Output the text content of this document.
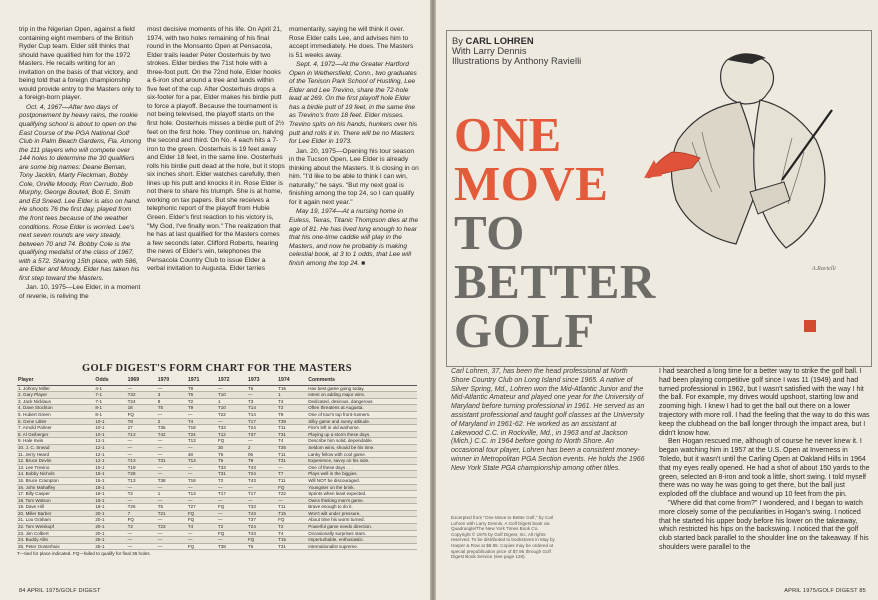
trip in the Nigerian Open, against a field containing eight members of the British Ryder Cup team. Elder still thinks that should have qualified him for the 1972 Masters. He recalls writing for an invitation on the basis of that victory, and being told that a foreign championship would provide entry to the Masters only to a foreign-born player.

Oct. 4, 1967—After two days of postponement by heavy rains, the rookie qualifying school is about to open on the East Course of the PGA National Golf Club in Palm Beach Gardens, Fla. Among the 111 players who will compete over 144 holes to determine the 30 qualifiers are some big names: Deane Beman, Tony Jacklin, Marty Fleckman, Bobby Cole, Orville Moody, Ron Cerrudo, Bob Murphy, George Boutell, Bob E. Smith and Ed Sneed. Lee Elder is also on hand. He shoots 76 the first day, played from the front tees because of the weather conditions. Rose Elder is worried. Lee's next seven rounds are very steady, between 70 and 74. Bobby Cole is the qualifying medalist of the class of 1967, with a 572. Sharing 15th place, with 586, are Elder and Moody. Elder has taken his first step toward the Masters.

Jan. 10, 1975—Lee Elder, in a moment of reverie, is reliving the

most decisive moments of his life. On April 21, 1974, with two holes remaining of his final round in the Monsanto Open at Pensacola, Elder trails leader Peter Oosterhuis by two strokes. Elder birdies the 71st hole with a three-foot putt. On the 72nd hole, Elder hooks a 6-iron shot around a tree and lands within five feet of the cup. After Oosterhuis drops a six-footer for a par, Elder makes his birdie putt to force a playoff. Because the tournament is not being televised, the playoff starts on the first hole. Oosterhuis misses a birdie putt of 2½ feet on the first hole. They continue on, halving the second and third. On No. 4 each hits a 7-iron to the green. Oosterhuis is 19 feet away and Elder 18 feet, in the same line. Oosterhuis rolls his birdie putt dead at the hole, but it stops six inches short. Elder watches carefully, then lines up his putt and knocks it in. Rose Elder is not there to share his triumph. She is at home, working on tax papers. But she receives a telephonic report of the playoff from Hubie Green. Elder's first reaction to his victory is, "My God, I've finally won." The realization that he has at last qualified for the Masters comes a few seconds later. Clifford Roberts, hearing the news of Elder's win, telephones the Pensacola Country Club to issue Elder a verbal invitation to Augusta. Elder tarries

momentarily, saying he will think it over. Rose Elder calls Lee, and advises him to accept immediately. He does. The Masters is 51 weeks away.

Sept. 4, 1972—At the Greater Hartford Open in Wethersfield, Conn., two graduates of the Tenison Park School of Hustling, Lee Elder and Lee Trevino, share the 72-hole lead at 269. On the first playoff hole Elder has a birdie putt of 19 feet, in the same line as Trevino's from 18 feet. Elder misses. Trevino spits on his hands, hunkers over his putt and rolls it in. There will be no Masters for Lee Elder in 1973.

Jan. 20, 1975—Opening his tour season in the Tucson Open, Lee Elder is already thinking about the Masters. It is closing in on him. "I'd like to be able to think I can win, naturally," he says. "But my next goal is finishing among the top 24, so I can qualify for it again next year."

May 19, 1974—At a nursing home in Euless, Texas, Titanic Thompson dies at the age of 81. He has lived long enough to hear that his one-time caddie will play in the Masters, and now he probably is making celestial book, at 3 to 1 odds, that Lee will finish among the top 24. ■

GOLF DIGEST'S FORM CHART FOR THE MASTERS
Player	Odds	1969	1970	1971	1972	1973	1974	Comments
1. Johnny Miller	4-1	—	—	T9	—	T6	T15	Has best game going today.
2. Gary Player	7-1	T32	3	T6	T10	—	1	Intent on adding major wins.
3. Jack Nicklaus	7-1	T24	8	T2	1	T3	T4	Dedicated, desirous, dangerous.
4. Dave Stockton	8-1	18	T5	T9	T10	T14	T2	Often threatens at Augusta.
5. Hubert Green	8-1	FQ	—	—	T22	T14	T8	One of tour's top front-runners.
6. Gene Littler	10-1	T8	2	T4	—	T17	T39	Silky game and sunny attitude.
7. Arnold Palmer	10-1	27	T36	T18	T33	T24	T11	Fire's left in old warhorse.
8. Al Geiberger	10-1	T13	T42	T24	T12	T37	T31	Playing up a storm these days.
9. Hale Irwin	12-1	—	—	T13	FQ	—	T4	Describe him solid, dependable.
10. J. C. Snead	12-1	—	—	—	30	2	T26	Seldom wins, should be his time.
11. Jerry Heard	12-1	—	—	48	T5	06	T11	Lanky fellow with cool game.
12. Bruce Devlin	12-1	T13	T31	T13	T5	T8	T31	Experience, savvy on his side.
13. Lee Trevino	15-1	T19	—	—	T33	T43	—	One of these days . . .
14. Bobby Nichols	15-1	T28	—	—	T31	T24	T7	Plays well in the biggies.
15. Bruce Crampton	15-1	T13	T38	T18	T2	T43	T11	Will NOT be discouraged.
16. John Mahaffey	18-1	—	—	—	—	—	FQ	Youngster on the brink.
17. Billy Casper	18-1	T2	1	T13	T17	T17	T22	Sprints when least expected.
18. Tom Watson	18-1	—	—	—	—	—	—	Owns thinking man's game.
19. Dave Hill	18-1	T26	T5	T27	FQ	T33	T11	Brave enough to do it.
20. Miller Barber	20-1	7	T21	FQ	—	T43	T15	Won't wilt under pressure.
21. Lou Graham	20-1	FQ	—	FQ	—	T37	FQ	About time his worm turned.
22. Tom Weiskopf	20-1	T2	T23	T4	T2	T24	T2	Powerful game needs direction.
23. Jim Colbert	20-1	—	—	—	FQ	T43	T4	Occasionally surprises stars.
24. Buddy Allin	25-1	—	—	—	—	FQ	T15	Imperturbable, enthusiastic.
25. Peter Oosterhuis	25-1	—	—	FQ	T38	T6	T31	Internationalist supreme.
T—tied for place indicated. FQ—failed to qualify for final 36 holes.
84 APRIL 1975/GOLF DIGEST
By CARL LOHREN
With Larry Dennis
Illustrations by Anthony Ravielli
A.Ravielli
ONE
MOVE
TO
BETTER
GOLF
Carl Lohren, 37, has been the head professional at North Shore Country Club on Long Island since 1965. A native of Silver Spring, Md., Lohren won the Mid-Atlantic Junior and the Mid-Atlantic Amateur and played one year for the University of Maryland before turning professional in 1961. He served as an assistant professional and taught golf classes at the University of Maryland in 1961-62. He worked as an assistant at Lakewood C.C. in Rockville, Md., in 1963 and at Jackson (Mich.) C.C. in 1964 before going to North Shore. An occasional tour player, Lohren has been a consistent money-winner in Metropolitan PGA Section events. He holds the 1966 New York State PGA championship among other titles.
Excerpted from "One Move to Better Golf," by Carl Lohren with Larry Dennis. A Golf Digest book via Quadrangle/The New York Times Book Co. Copyright © 1975 by Golf Digest, Inc. All rights reserved. To be distributed to bookstores in May by Harper & Row at $8.95. Copies may be ordered at special prepublication price of $7.95 through Golf Digest Book Service (see page 126).

I had searched a long time for a better way to strike the golf ball. I had been playing competitive golf since I was 11 (1949) and had turned professional in 1962, but I wasn't satisfied with the way I hit the ball. For example, my drives would upshoot, starting low and zooming high. I knew I had to get the ball out there on a lower trajectory with more roll. I had the feeling that the way to do this was keep the clubhead on the ball longer through the impact area, but I didn't know how.

Ben Hogan rescued me, although of course he never knew it. I began watching him in 1957 at the U.S. Open at Inverness in Toledo, but it wasn't until the Carling Open at Oakland Hills in 1964 that my eyes really opened. He had a shot of about 150 yards to the green, selected an 8-iron and took a little, short swing. I told myself there was no way he was going to get there, but the ball just exploded off the clubface and wound up 10 feet from the pin.

"Where did that come from?" I wondered, and I began to watch more closely some of the peculiarities in Hogan's swing. I noticed that he started his upper body before his lower on the takeaway, which restricted his hips on the backswing. I noticed that the golf club started back parallel to the shoulder line on the takeaway. If his shoulders were parallel to the

APRIL 1975/GOLF DIGEST 85
